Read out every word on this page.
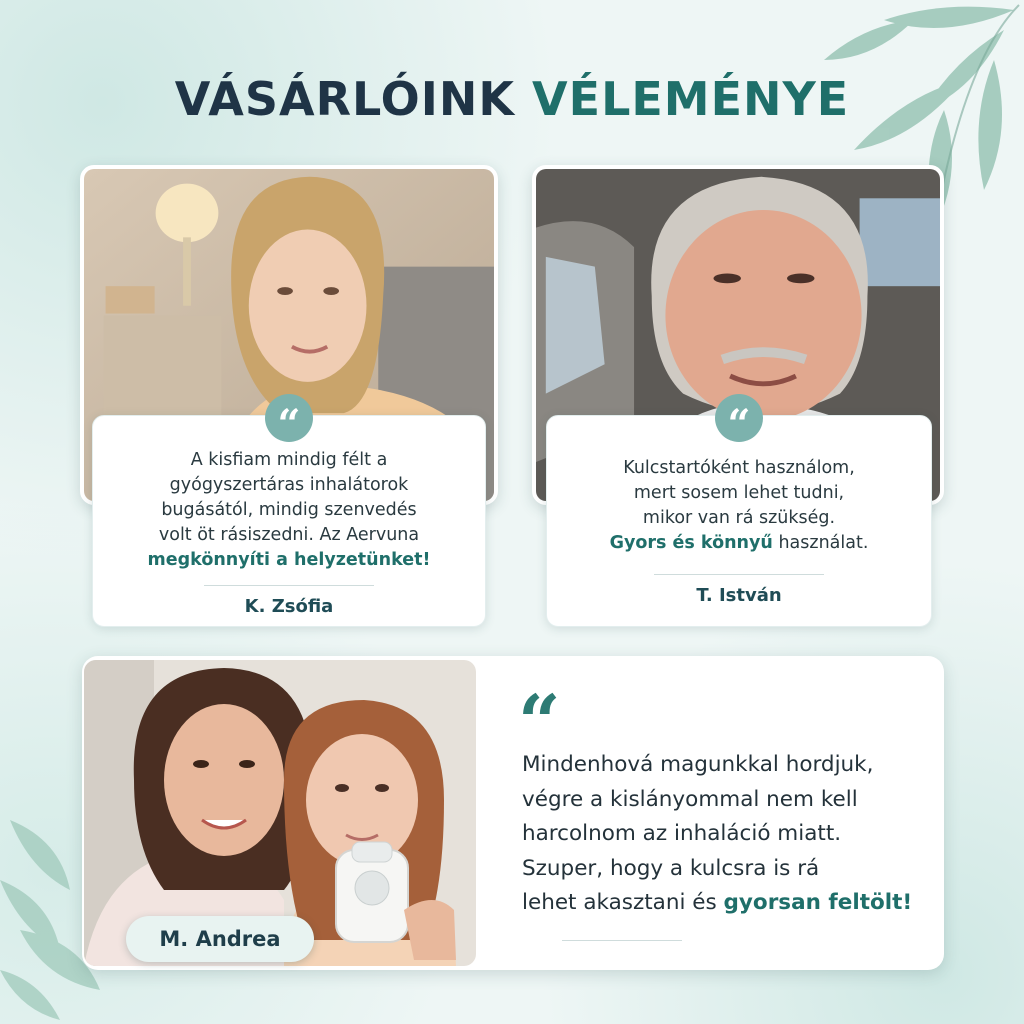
VÁSÁRLÓINK VÉLEMÉNYE
“
A kisfiam mindig félt a
gyógyszertáras inhalátorok
bugásától, mindig szenvedés
volt öt rásiszedni. Az Aervuna
megkönnyíti a helyzetünket!
K. Zsófia
“
Kulcstartóként használom,
mert sosem lehet tudni,
mikor van rá szükség.
Gyors és könnyű használat.
T. István
“
Mindenhová magunkkal hordjuk,
végre a kislányommal nem kell
harcolnom az inhaláció miatt.
Szuper, hogy a kulcsra is rá
lehet akasztani és gyorsan feltölt!
M. Andrea
